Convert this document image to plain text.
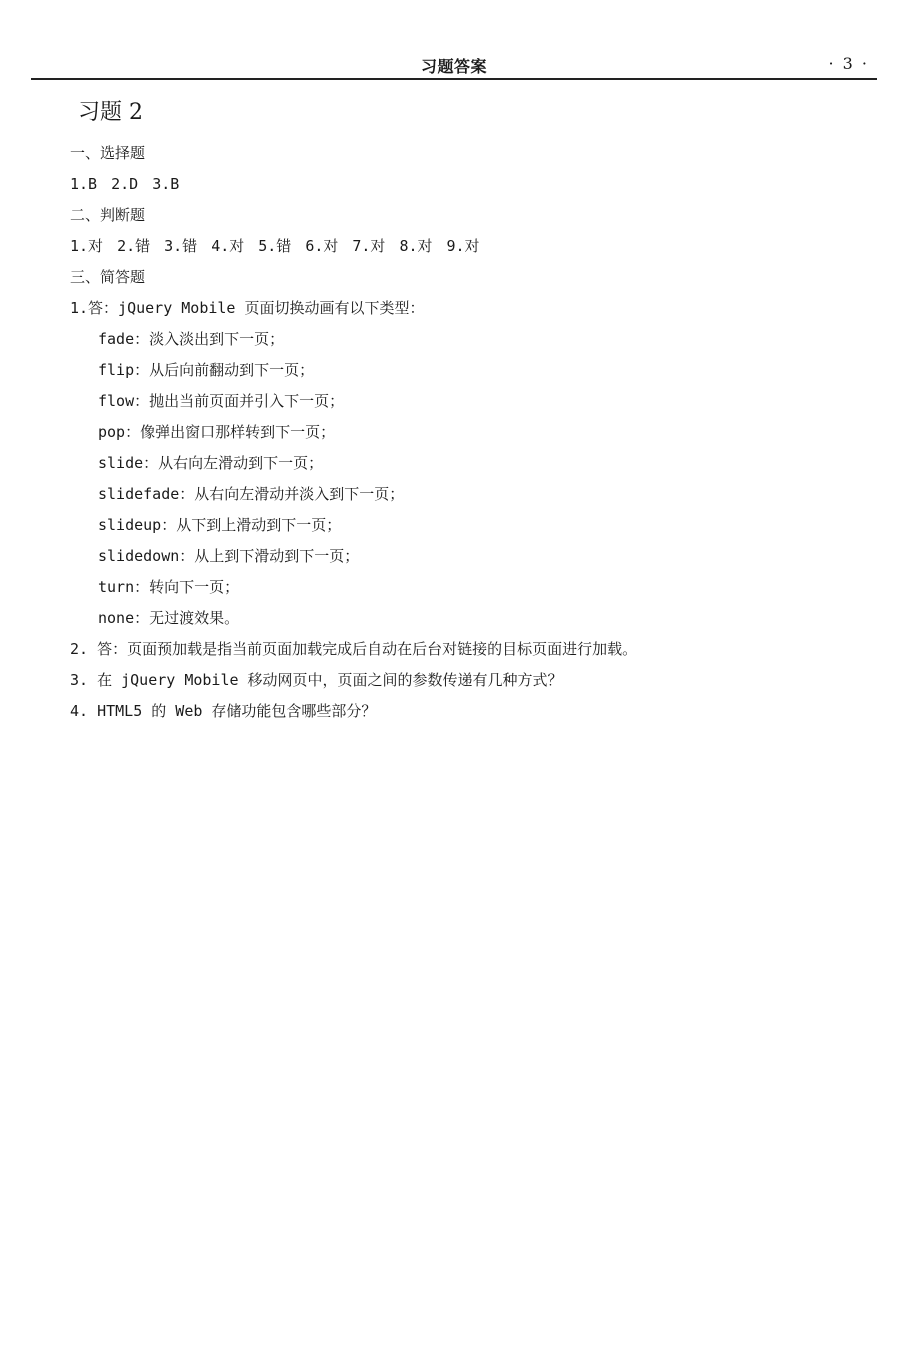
习题答案	· 3 ·
习题 2
一、选择题
1.B 2.D 3.B
二、判断题
1.对 2.错 3.错 4.对 5.错 6.对 7.对 8.对 9.对
三、简答题
1.答：jQuery Mobile 页面切换动画有以下类型：
fade：淡入淡出到下一页；
flip：从后向前翻动到下一页；
flow：抛出当前页面并引入下一页；
pop：像弹出窗口那样转到下一页；
slide：从右向左滑动到下一页；
slidefade：从右向左滑动并淡入到下一页；
slideup：从下到上滑动到下一页；
slidedown：从上到下滑动到下一页；
turn：转向下一页；
none：无过渡效果。
2. 答：页面预加载是指当前页面加载完成后自动在后台对链接的目标页面进行加载。
3. 在 jQuery Mobile 移动网页中，页面之间的参数传递有几种方式？
4. HTML5 的 Web 存储功能包含哪些部分？
